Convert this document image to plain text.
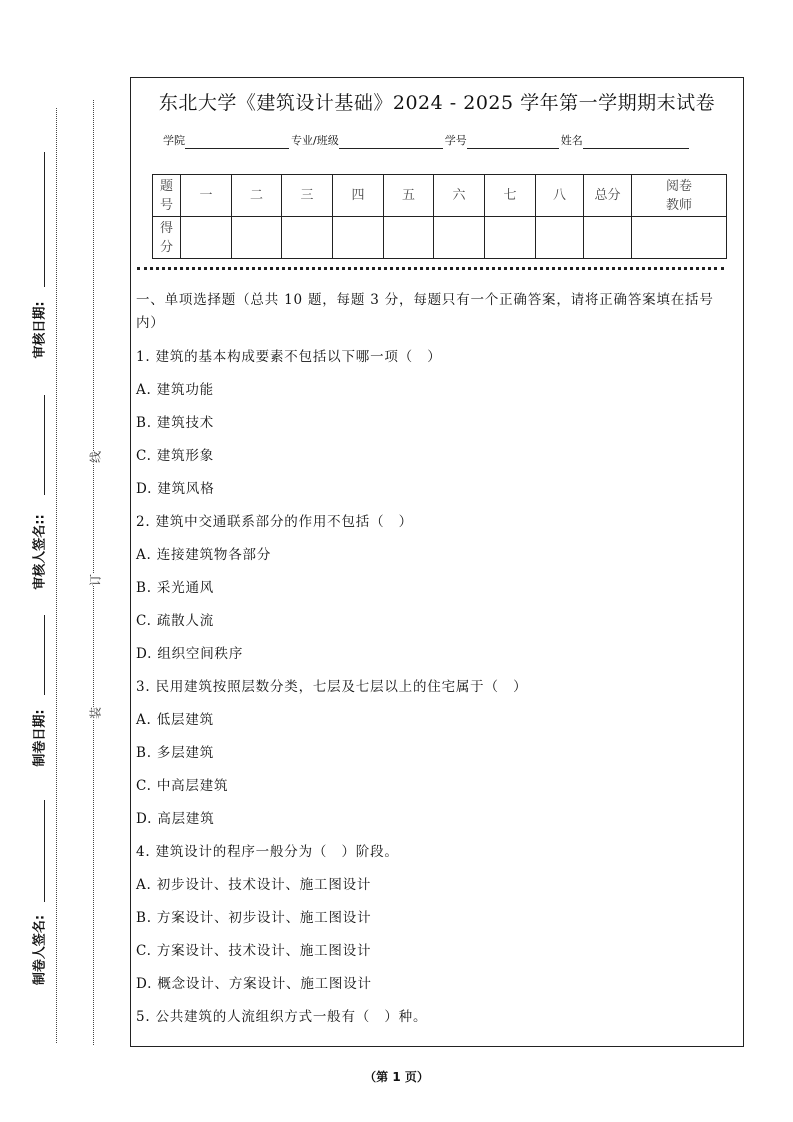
审核日期:
审核人签名::
制卷日期:
制卷人签名:
线
订
装
东北大学《建筑设计基础》2024 - 2025 学年第一学期期末试卷
学院	专业/班级	学号	姓名
题号	一	二	三	四	五	六	七	八	总分	阅卷教师

得分										

一、单项选择题（总共 10 题，每题 3 分，每题只有一个正确答案，请将正确答案填在括号内）
1. 建筑的基本构成要素不包括以下哪一项（　）
A. 建筑功能
B. 建筑技术
C. 建筑形象
D. 建筑风格
2. 建筑中交通联系部分的作用不包括（　）
A. 连接建筑物各部分
B. 采光通风
C. 疏散人流
D. 组织空间秩序
3. 民用建筑按照层数分类，七层及七层以上的住宅属于（　）
A. 低层建筑
B. 多层建筑
C. 中高层建筑
D. 高层建筑
4. 建筑设计的程序一般分为（　）阶段。
A. 初步设计、技术设计、施工图设计
B. 方案设计、初步设计、施工图设计
C. 方案设计、技术设计、施工图设计
D. 概念设计、方案设计、施工图设计
5. 公共建筑的人流组织方式一般有（　）种。
（第 1 页）
